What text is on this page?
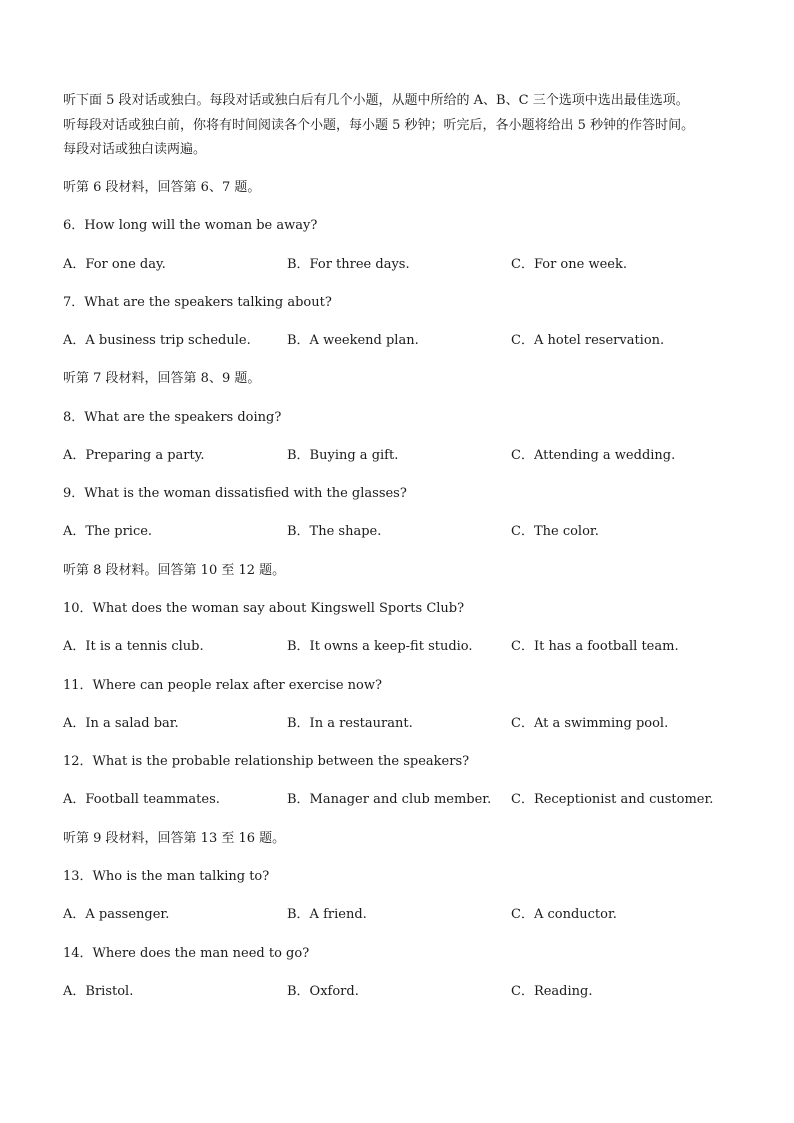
听下面 5 段对话或独白。每段对话或独白后有几个小题，从题中所给的 A、B、C 三个选项中选出最佳选项。
听每段对话或独白前，你将有时间阅读各个小题，每小题 5 秒钟；听完后，各小题将给出 5 秒钟的作答时间。
每段对话或独白读两遍。
听第 6 段材料，回答第 6、7 题。
6．How long will the woman be away?
A．For one day.	B．For three days.	C．For one week.
7．What are the speakers talking about?
A．A business trip schedule.	B．A weekend plan.	C．A hotel reservation.
听第 7 段材料，回答第 8、9 题。
8．What are the speakers doing?
A．Preparing a party.	B．Buying a gift.	C．Attending a wedding.
9．What is the woman dissatisfied with the glasses?
A．The price.	B．The shape.	C．The color.
听第 8 段材料。回答第 10 至 12 题。
10．What does the woman say about Kingswell Sports Club?
A．It is a tennis club.	B．It owns a keep-fit studio.	C．It has a football team.
11．Where can people relax after exercise now?
A．In a salad bar.	B．In a restaurant.	C．At a swimming pool.
12．What is the probable relationship between the speakers?
A．Football teammates.	B．Manager and club member. C．Receptionist and customer.
听第 9 段材料，回答第 13 至 16 题。
13．Who is the man talking to?
A．A passenger.	B．A friend.	C．A conductor.
14．Where does the man need to go?
A．Bristol.	B．Oxford.	C．Reading.
